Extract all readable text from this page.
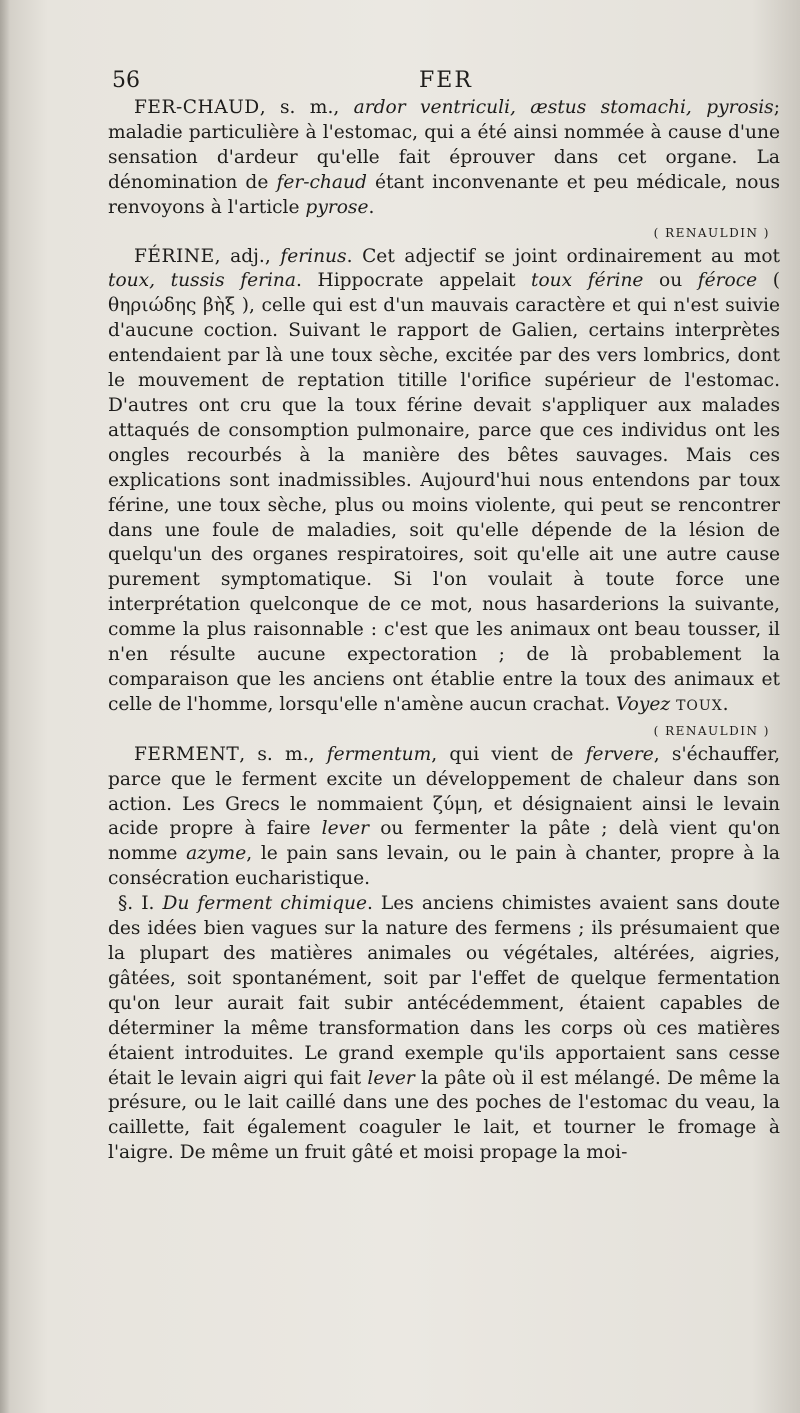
56	FER

FER-CHAUD, s. m., ardor ventriculi, æstus stomachi, pyrosis; maladie particulière à l'estomac, qui a été ainsi nommée à cause d'une sensation d'ardeur qu'elle fait éprouver dans cet organe. La dénomination de fer-chaud étant inconvenante et peu médicale, nous renvoyons à l'article pyrose.

( RENAULDIN )

FÉRINE, adj., ferinus. Cet adjectif se joint ordinairement au mot toux, tussis ferina. Hippocrate appelait toux férine ou féroce ( θηριώδης βὴξ ), celle qui est d'un mauvais caractère et qui n'est suivie d'aucune coction. Suivant le rapport de Galien, certains interprètes entendaient par là une toux sèche, excitée par des vers lombrics, dont le mouvement de reptation titille l'orifice supérieur de l'estomac. D'autres ont cru que la toux férine devait s'appliquer aux malades attaqués de consomption pulmonaire, parce que ces individus ont les ongles recourbés à la manière des bêtes sauvages. Mais ces explications sont inadmissibles. Aujourd'hui nous entendons par toux férine, une toux sèche, plus ou moins violente, qui peut se rencontrer dans une foule de maladies, soit qu'elle dépende de la lésion de quelqu'un des organes respiratoires, soit qu'elle ait une autre cause purement symptomatique. Si l'on voulait à toute force une interprétation quelconque de ce mot, nous hasarderions la suivante, comme la plus raisonnable : c'est que les animaux ont beau tousser, il n'en résulte aucune expectoration ; de là probablement la comparaison que les anciens ont établie entre la toux des animaux et celle de l'homme, lorsqu'elle n'amène aucun crachat. Voyez TOUX.

( RENAULDIN )

FERMENT, s. m., fermentum, qui vient de fervere, s'échauffer, parce que le ferment excite un développement de chaleur dans son action. Les Grecs le nommaient ζύμη, et désignaient ainsi le levain acide propre à faire lever ou fermenter la pâte ; delà vient qu'on nomme azyme, le pain sans levain, ou le pain à chanter, propre à la consécration eucharistique.

§. I. Du ferment chimique. Les anciens chimistes avaient sans doute des idées bien vagues sur la nature des fermens ; ils présumaient que la plupart des matières animales ou végétales, altérées, aigries, gâtées, soit spontanément, soit par l'effet de quelque fermentation qu'on leur aurait fait subir antécédemment, étaient capables de déterminer la même transformation dans les corps où ces matières étaient introduites. Le grand exemple qu'ils apportaient sans cesse était le levain aigri qui fait lever la pâte où il est mélangé. De même la présure, ou le lait caillé dans une des poches de l'estomac du veau, la caillette, fait également coaguler le lait, et tourner le fromage à l'aigre. De même un fruit gâté et moisi propage la moi-
